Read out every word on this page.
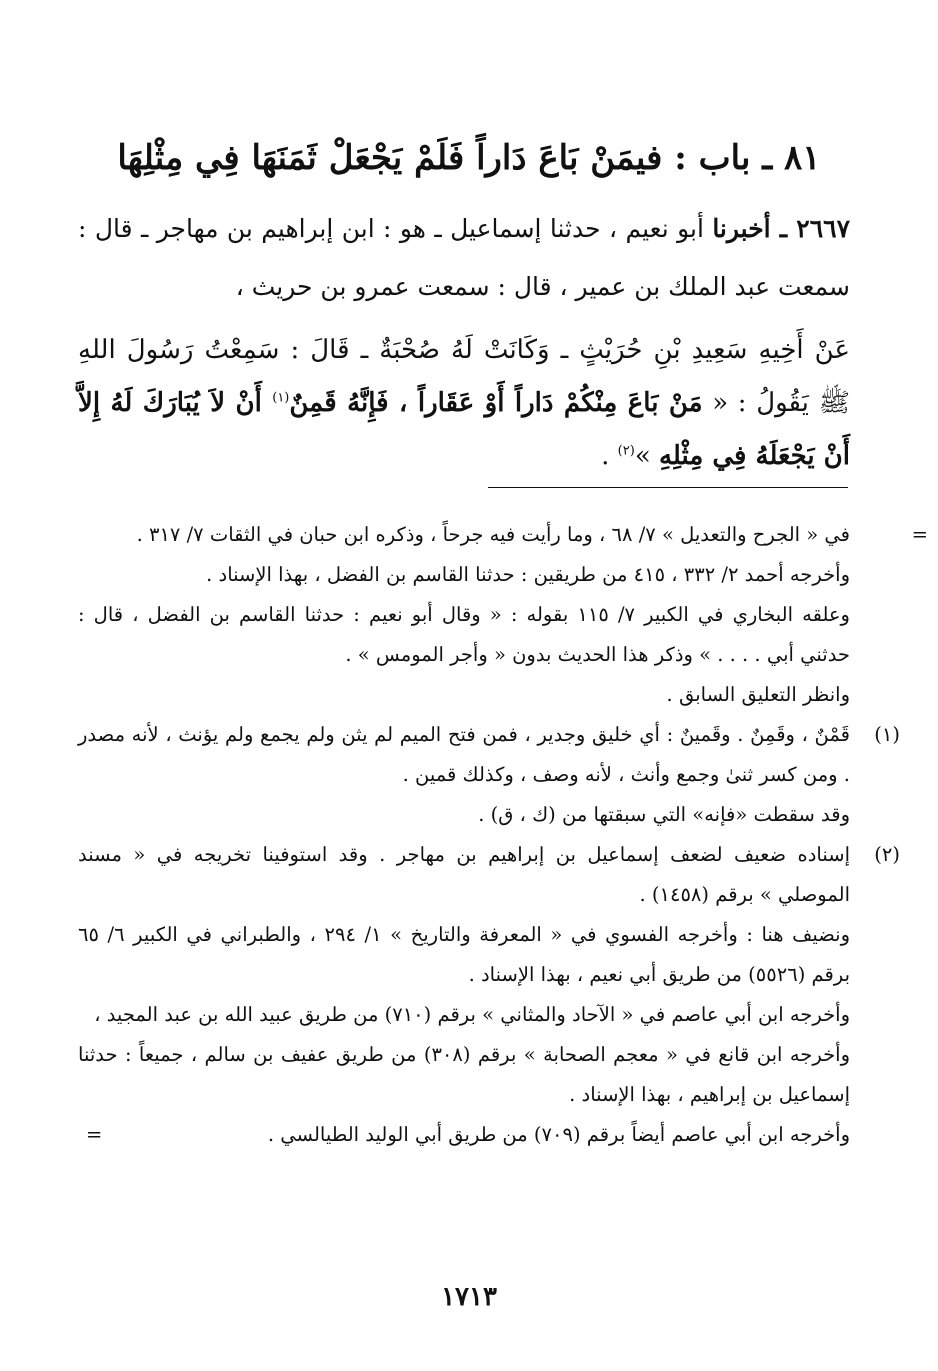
٨١ ـ باب : فيمَنْ بَاعَ دَاراً فَلَمْ يَجْعَلْ ثَمَنَهَا فِي مِثْلِهَا

٢٦٦٧ ـ أخبرنا أبو نعيم ، حدثنا إسماعيل ـ هو : ابن إبراهيم بن مهاجر ـ قال : سمعت عبد الملك بن عمير ، قال : سمعت عمرو بن حريث ،

عَنْ أَخِيهِ سَعِيدِ بْنِ حُرَيْثٍ ـ وَكَانَتْ لَهُ صُحْبَةٌ ـ قَالَ : سَمِعْتُ رَسُولَ اللهِ ﷺ يَقُولُ : « مَنْ بَاعَ مِنْكُمْ دَاراً أَوْ عَقَاراً ، فَإِنَّهُ قَمِنٌ$^{(١)}$ أَنْ لاَ يُبَارَكَ لَهُ إِلاَّ أَنْ يَجْعَلَهُ فِي مِثْلِهِ »$^{(٢)}$ .

=
في « الجرح والتعديل » ٧/ ٦٨ ، وما رأيت فيه جرحاً ، وذكره ابن حبان في الثقات ٧/ ٣١٧ .
وأخرجه أحمد ٢/ ٣٣٢ ، ٤١٥ من طريقين : حدثنا القاسم بن الفضل ، بهذا الإسناد .
وعلقه البخاري في الكبير ٧/ ١١٥ بقوله : « وقال أبو نعيم : حدثنا القاسم بن الفضل ، قال : حدثني أبي . . . . » وذكر هذا الحديث بدون « وأجر المومس » .
وانظر التعليق السابق .
(١)
قَمْنٌ ، وقَمِنٌ . وقَمينٌ : أي خليق وجدير ، فمن فتح الميم لم يثن ولم يجمع ولم يؤنث ، لأنه مصدر . ومن كسر ثنىٰ وجمع وأنث ، لأنه وصف ، وكذلك قمين .
وقد سقطت «فإنه» التي سبقتها من (ك ، ق) .
(٢)
إسناده ضعيف لضعف إسماعيل بن إبراهيم بن مهاجر . وقد استوفينا تخريجه في « مسند الموصلي » برقم (١٤٥٨) .
ونضيف هنا : وأخرجه الفسوي في « المعرفة والتاريخ » ١/ ٢٩٤ ، والطبراني في الكبير ٦/ ٦٥ برقم (٥٥٢٦) من طريق أبي نعيم ، بهذا الإسناد .
وأخرجه ابن أبي عاصم في « الآحاد والمثاني » برقم (٧١٠) من طريق عبيد الله بن عبد المجيد ،
وأخرجه ابن قانع في « معجم الصحابة » برقم (٣٠٨) من طريق عفيف بن سالم ، جميعاً : حدثنا إسماعيل بن إبراهيم ، بهذا الإسناد .
وأخرجه ابن أبي عاصم أيضاً برقم (٧٠٩) من طريق أبي الوليد الطيالسي .
=
١٧١٣
